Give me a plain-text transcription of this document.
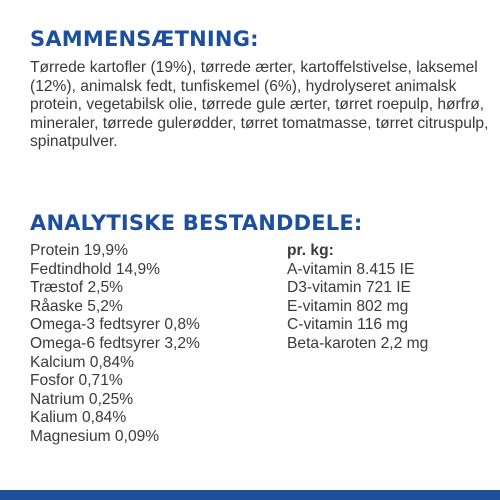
SAMMENSÆTNING:

Tørrede kartofler (19%), tørrede ærter, kartoffelstivelse, laksemel (12%), animalsk fedt, tunfiskemel (6%), hydrolyseret animalsk protein, vegetabilsk olie, tørrede gule ærter, tørret roepulp, hørfrø, mineraler, tørrede gulerødder, tørret tomatmasse, tørret citruspulp, spinatpulver.

ANALYTISKE BESTANDDELE:
Protein 19,9%
Fedtindhold 14,9%
Træstof 2,5%
Råaske 5,2%
Omega-3 fedtsyrer 0,8%
Omega-6 fedtsyrer 3,2%
Kalcium 0,84%
Fosfor 0,71%
Natrium 0,25%
Kalium 0,84%
Magnesium 0,09%
pr. kg:
A-vitamin 8.415 IE
D3-vitamin 721 IE
E-vitamin 802 mg
C-vitamin 116 mg
Beta-karoten 2,2 mg
